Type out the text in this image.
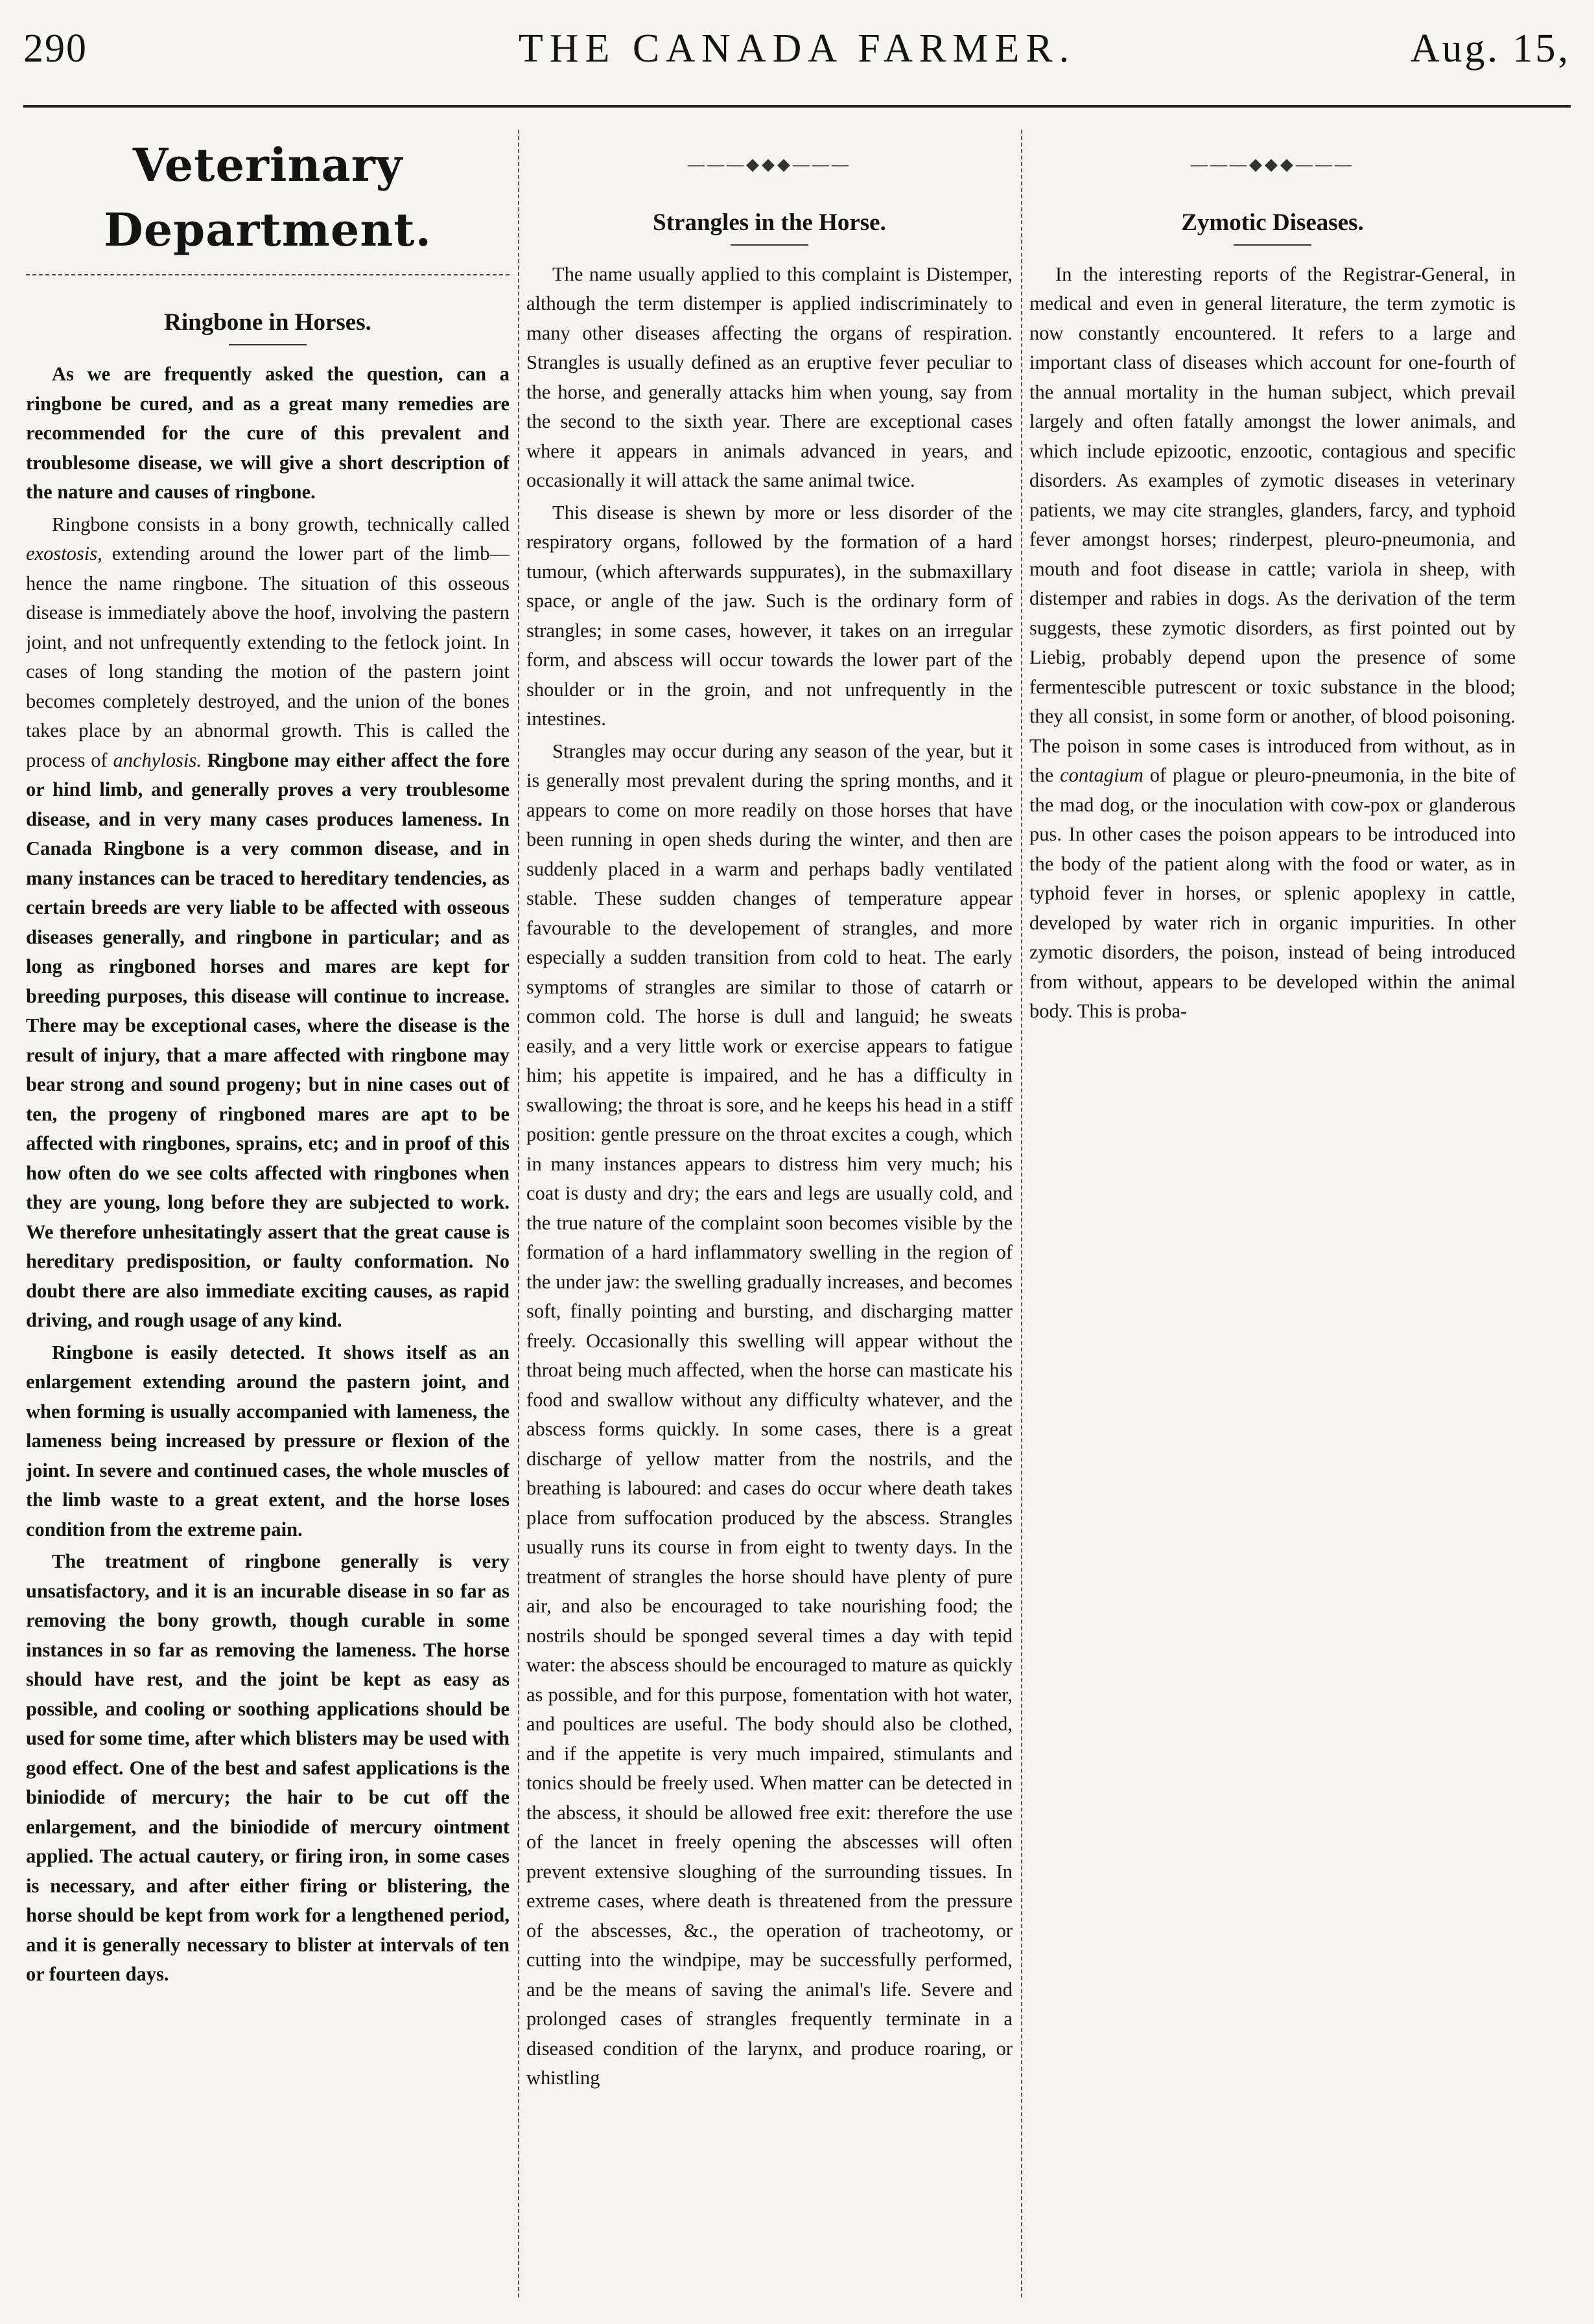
THE CANADA FARMER.
290	Aug. 15,
Veterinary Department.
Ringbone in Horses.

As we are frequently asked the question, can a ringbone be cured, and as a great many remedies are recommended for the cure of this prevalent and troublesome disease, we will give a short description of the nature and causes of ringbone.

Ringbone consists in a bony growth, technically called exostosis, extending around the lower part of the limb—hence the name ringbone. The situation of this osseous disease is immediately above the hoof, involving the pastern joint, and not unfrequently extending to the fetlock joint. In cases of long standing the motion of the pastern joint becomes completely destroyed, and the union of the bones takes place by an abnormal growth. This is called the process of anchylosis. Ringbone may either affect the fore or hind limb, and generally proves a very troublesome disease, and in very many cases produces lameness. In Canada Ringbone is a very common disease, and in many instances can be traced to hereditary tendencies, as certain breeds are very liable to be affected with osseous diseases generally, and ringbone in particular; and as long as ringboned horses and mares are kept for breeding purposes, this disease will continue to increase. There may be exceptional cases, where the disease is the result of injury, that a mare affected with ringbone may bear strong and sound progeny; but in nine cases out of ten, the progeny of ringboned mares are apt to be affected with ringbones, sprains, etc; and in proof of this how often do we see colts affected with ringbones when they are young, long before they are subjected to work. We therefore unhesitatingly assert that the great cause is hereditary predisposition, or faulty conformation. No doubt there are also immediate exciting causes, as rapid driving, and rough usage of any kind.

Ringbone is easily detected. It shows itself as an enlargement extending around the pastern joint, and when forming is usually accompanied with lameness, the lameness being increased by pressure or flexion of the joint. In severe and continued cases, the whole muscles of the limb waste to a great extent, and the horse loses condition from the extreme pain.

The treatment of ringbone generally is very unsatisfactory, and it is an incurable disease in so far as removing the bony growth, though curable in some instances in so far as removing the lameness. The horse should have rest, and the joint be kept as easy as possible, and cooling or soothing applications should be used for some time, after which blisters may be used with good effect. One of the best and safest applications is the biniodide of mercury; the hair to be cut off the enlargement, and the biniodide of mercury ointment applied. The actual cautery, or firing iron, in some cases is necessary, and after either firing or blistering, the horse should be kept from work for a lengthened period, and it is generally necessary to blister at intervals of ten or fourteen days.

———◆◆◆———
Strangles in the Horse.

The name usually applied to this complaint is Distemper, although the term distemper is applied indiscriminately to many other diseases affecting the organs of respiration. Strangles is usually defined as an eruptive fever peculiar to the horse, and generally attacks him when young, say from the second to the sixth year. There are exceptional cases where it appears in animals advanced in years, and occasionally it will attack the same animal twice.

This disease is shewn by more or less disorder of the respiratory organs, followed by the formation of a hard tumour, (which afterwards suppurates), in the submaxillary space, or angle of the jaw. Such is the ordinary form of strangles; in some cases, however, it takes on an irregular form, and abscess will occur towards the lower part of the shoulder or in the groin, and not unfrequently in the intestines.

Strangles may occur during any season of the year, but it is generally most prevalent during the spring months, and it appears to come on more readily on those horses that have been running in open sheds during the winter, and then are suddenly placed in a warm and perhaps badly ventilated stable. These sudden changes of temperature appear favourable to the developement of strangles, and more especially a sudden transition from cold to heat. The early symptoms of strangles are similar to those of catarrh or common cold. The horse is dull and languid; he sweats easily, and a very little work or exercise appears to fatigue him; his appetite is impaired, and he has a difficulty in swallowing; the throat is sore, and he keeps his head in a stiff position: gentle pressure on the throat excites a cough, which in many instances appears to distress him very much; his coat is dusty and dry; the ears and legs are usually cold, and the true nature of the complaint soon becomes visible by the formation of a hard inflammatory swelling in the region of the under jaw: the swelling gradually increases, and becomes soft, finally pointing and bursting, and discharging matter freely. Occasionally this swelling will appear without the throat being much affected, when the horse can masticate his food and swallow without any difficulty whatever, and the abscess forms quickly. In some cases, there is a great discharge of yellow matter from the nostrils, and the breathing is laboured: and cases do occur where death takes place from suffocation produced by the abscess. Strangles usually runs its course in from eight to twenty days. In the treatment of strangles the horse should have plenty of pure air, and also be encouraged to take nourishing food; the nostrils should be sponged several times a day with tepid water: the abscess should be encouraged to mature as quickly as possible, and for this purpose, fomentation with hot water, and poultices are useful. The body should also be clothed, and if the appetite is very much impaired, stimulants and tonics should be freely used. When matter can be detected in the abscess, it should be allowed free exit: therefore the use of the lancet in freely opening the abscesses will often prevent extensive sloughing of the surrounding tissues. In extreme cases, where death is threatened from the pressure of the abscesses, &c., the operation of tracheotomy, or cutting into the windpipe, may be successfully performed, and be the means of saving the animal's life. Severe and prolonged cases of strangles frequently terminate in a diseased condition of the larynx, and produce roaring, or whistling

———◆◆◆———
Zymotic Diseases.

In the interesting reports of the Registrar-General, in medical and even in general literature, the term zymotic is now constantly encountered. It refers to a large and important class of diseases which account for one-fourth of the annual mortality in the human subject, which prevail largely and often fatally amongst the lower animals, and which include epizootic, enzootic, contagious and specific disorders. As examples of zymotic diseases in veterinary patients, we may cite strangles, glanders, farcy, and typhoid fever amongst horses; rinderpest, pleuro-pneumonia, and mouth and foot disease in cattle; variola in sheep, with distemper and rabies in dogs. As the derivation of the term suggests, these zymotic disorders, as first pointed out by Liebig, probably depend upon the presence of some fermentescible putrescent or toxic substance in the blood; they all consist, in some form or another, of blood poisoning. The poison in some cases is introduced from without, as in the contagium of plague or pleuro-pneumonia, in the bite of the mad dog, or the inoculation with cow-pox or glanderous pus. In other cases the poison appears to be introduced into the body of the patient along with the food or water, as in typhoid fever in horses, or splenic apoplexy in cattle, developed by water rich in organic impurities. In other zymotic disorders, the poison, instead of being introduced from without, appears to be developed within the animal body. This is proba-
